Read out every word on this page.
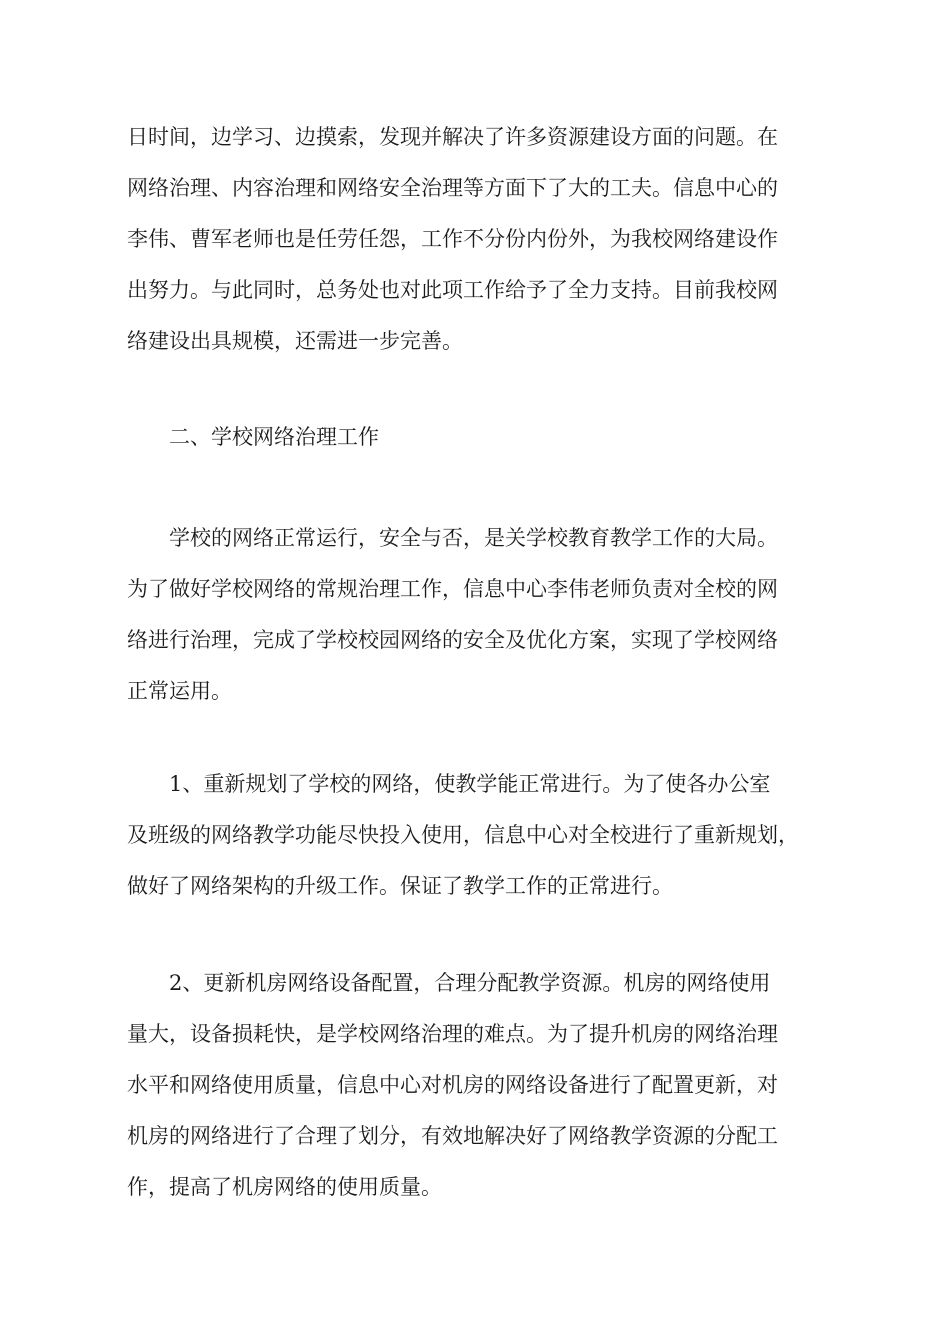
日时间，边学习、边摸索，发现并解决了许多资源建设方面的问题。在
网络治理、内容治理和网络安全治理等方面下了大的工夫。信息中心的
李伟、曹军老师也是任劳任怨，工作不分份内份外，为我校网络建设作
出努力。与此同时，总务处也对此项工作给予了全力支持。目前我校网
络建设出具规模，还需进一步完善。
二、学校网络治理工作
学校的网络正常运行，安全与否，是关学校教育教学工作的大局。
为了做好学校网络的常规治理工作，信息中心李伟老师负责对全校的网
络进行治理，完成了学校校园网络的安全及优化方案，实现了学校网络
正常运用。
1、重新规划了学校的网络，使教学能正常进行。为了使各办公室
及班级的网络教学功能尽快投入使用，信息中心对全校进行了重新规划，
做好了网络架构的升级工作。保证了教学工作的正常进行。
2、更新机房网络设备配置，合理分配教学资源。机房的网络使用
量大，设备损耗快，是学校网络治理的难点。为了提升机房的网络治理
水平和网络使用质量，信息中心对机房的网络设备进行了配置更新，对
机房的网络进行了合理了划分，有效地解决好了网络教学资源的分配工
作，提高了机房网络的使用质量。
